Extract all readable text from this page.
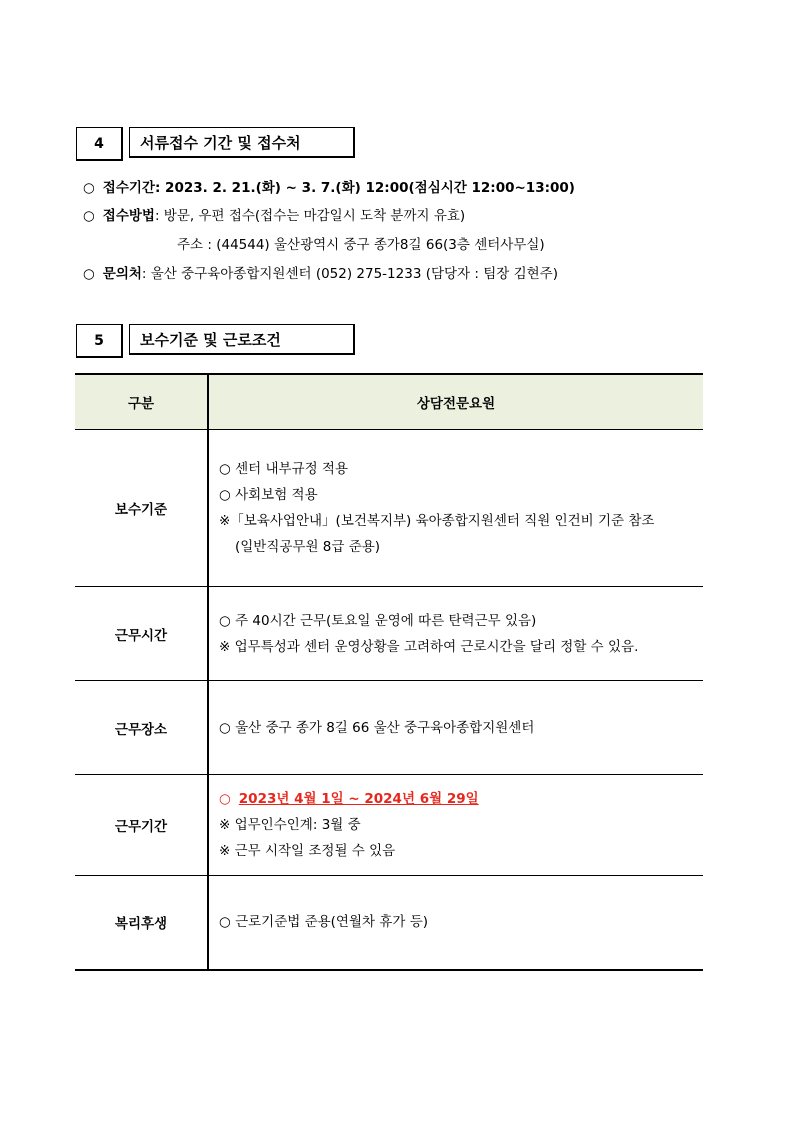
4	서류접수 기간 및 접수처
○ 접수기간: 2023. 2. 21.(화) ~ 3. 7.(화) 12:00(점심시간 12:00~13:00)
○ 접수방법: 방문, 우편 접수(접수는 마감일시 도착 분까지 유효)
주소 : (44544) 울산광역시 중구 종가8길 66(3층 센터사무실)
○ 문의처: 울산 중구육아종합지원센터 (052) 275-1233 (담당자 : 팀장 김현주)
5	보수기준 및 근로조건
구분	상담전문요원
보수기준	○ 센터 내부규정 적용
○ 사회보험 적용
※「보육사업안내」(보건복지부) 육아종합지원센터 직원 인건비 기준 참조
(일반직공무원 8급 준용)

근무시간	○ 주 40시간 근무(토요일 운영에 따른 탄력근무 있음)
※ 업무특성과 센터 운영상황을 고려하여 근로시간을 달리 정할 수 있음.

근무장소	○ 울산 중구 종가 8길 66 울산 중구육아종합지원센터

근무기간	○ 2023년 4월 1일 ~ 2024년 6월 29일
※ 업무인수인계: 3월 중
※ 근무 시작일 조정될 수 있음

복리후생	○ 근로기준법 준용(연월차 휴가 등)
